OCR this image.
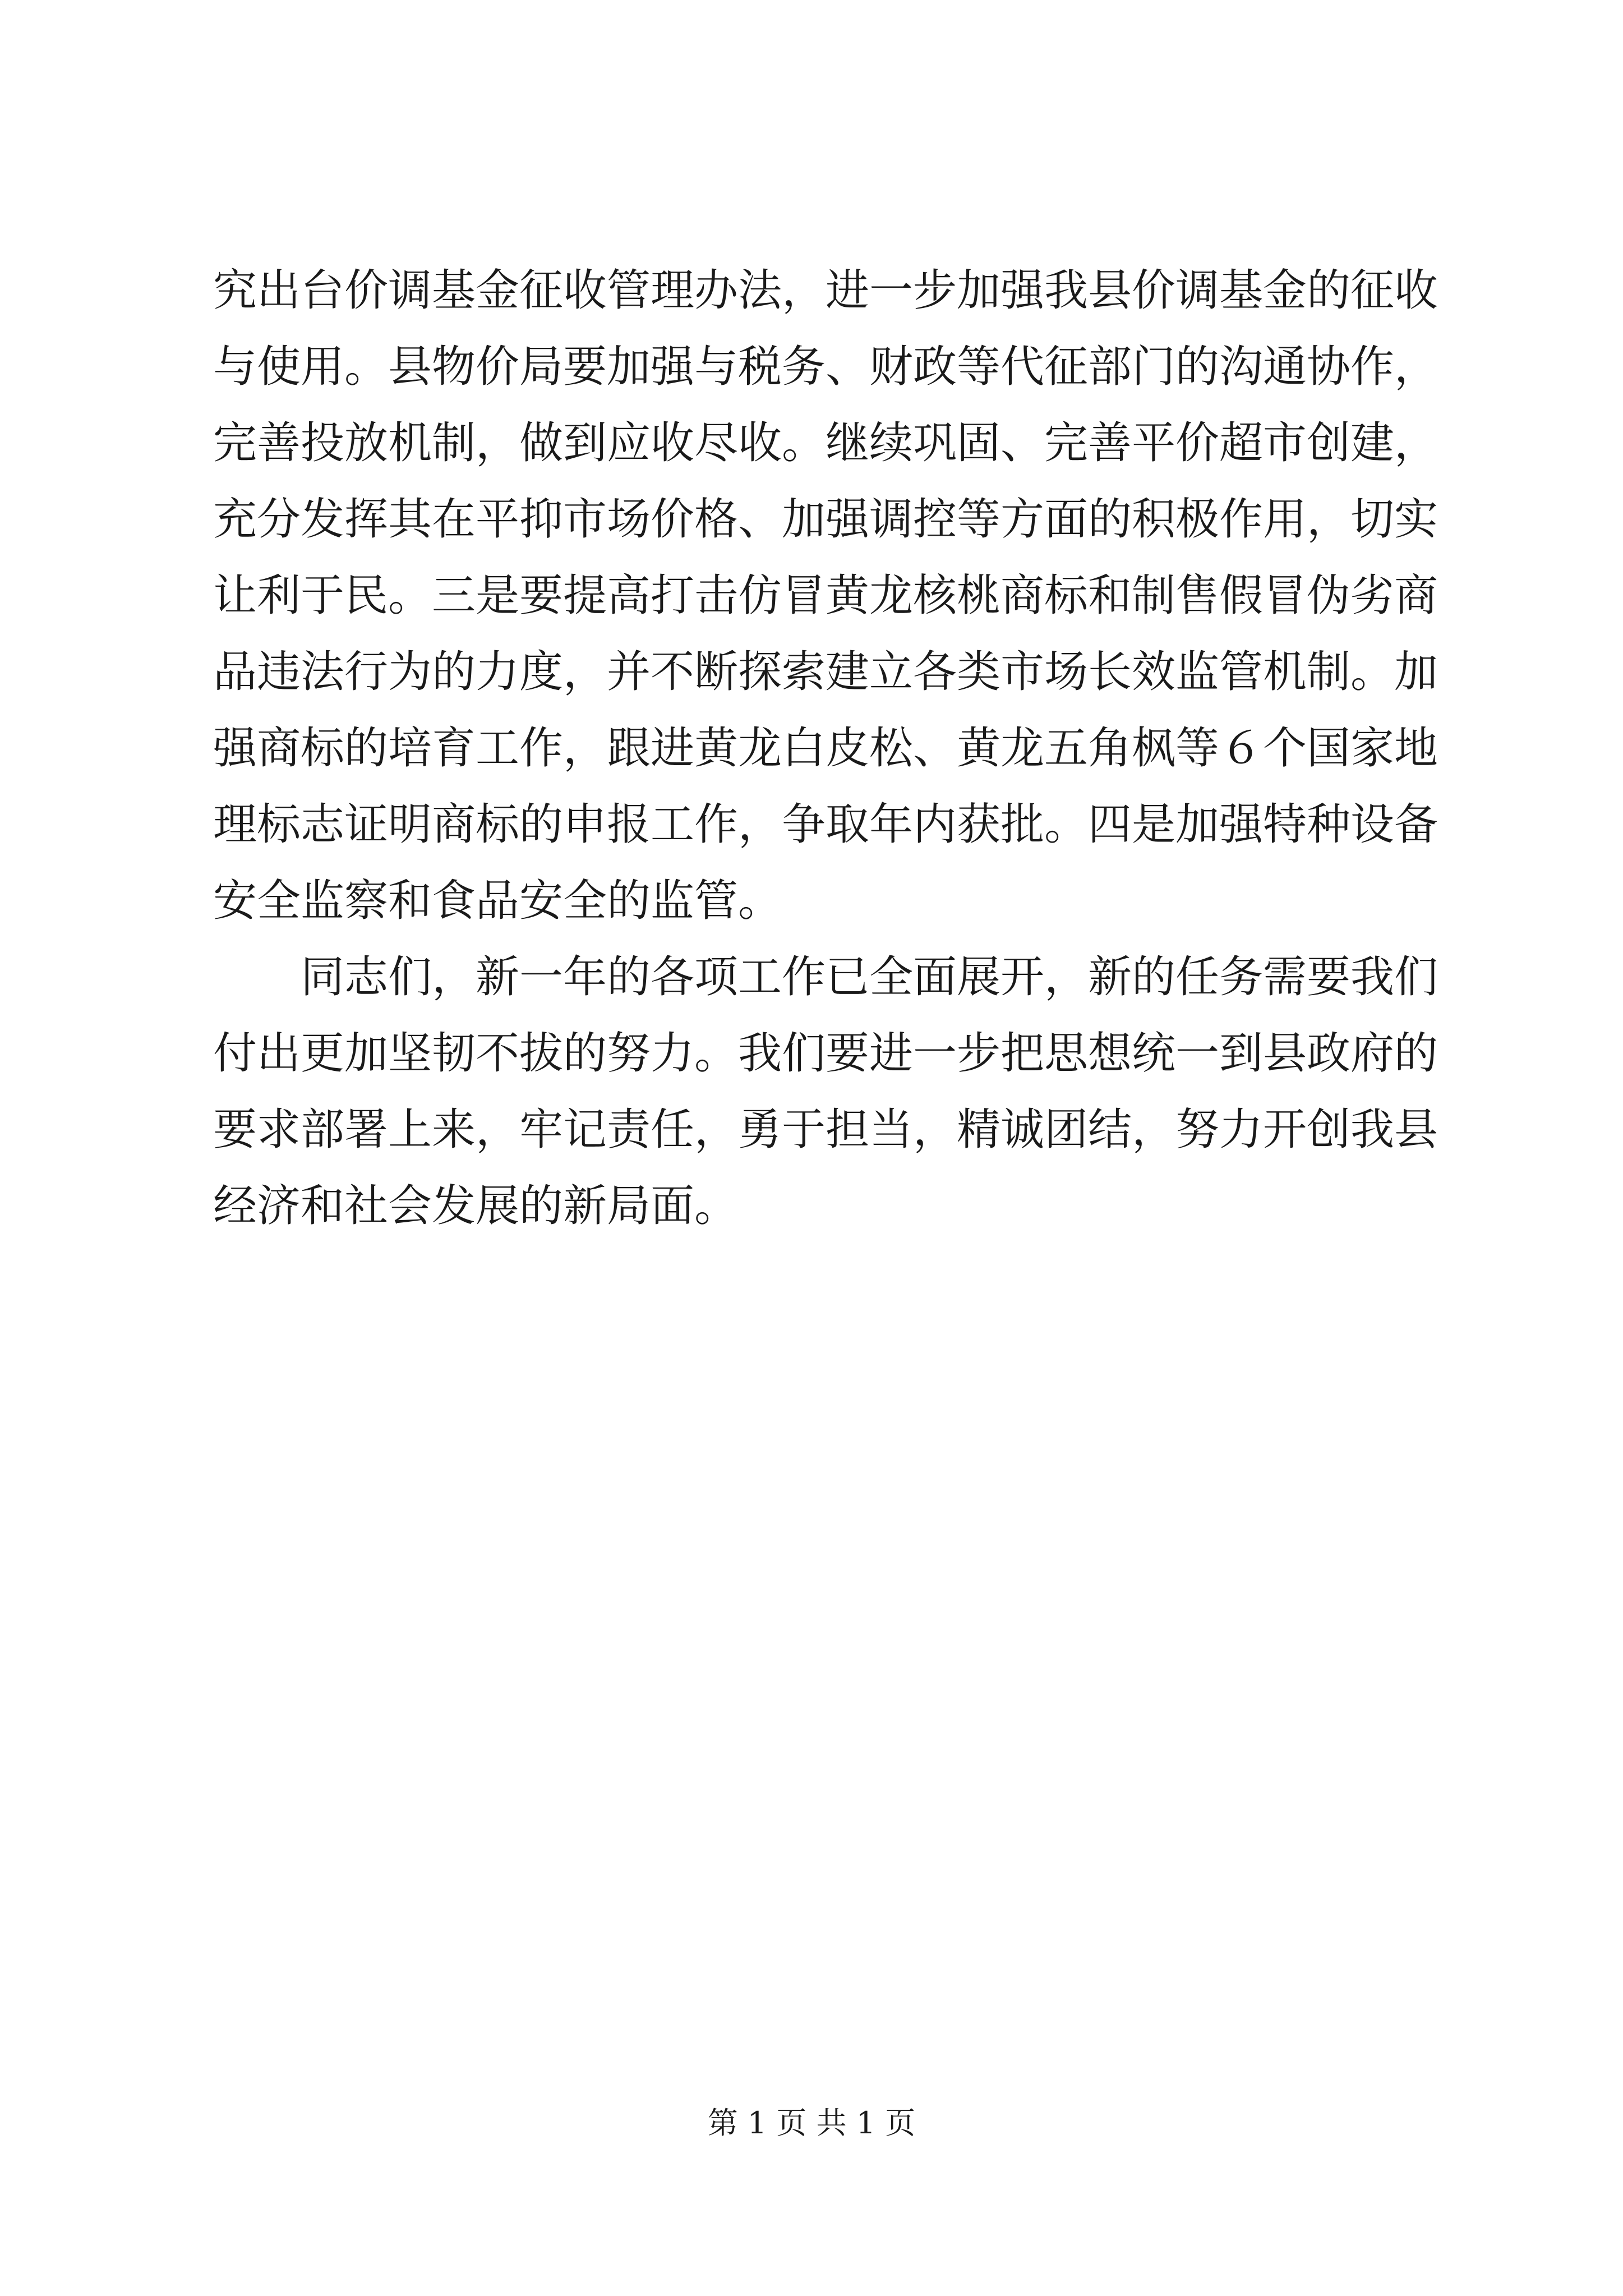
究出台价调基金征收管理办法，进一步加强我县价调基金的征收
与使用。县物价局要加强与税务、财政等代征部门的沟通协作，
完善投放机制，做到应收尽收。继续巩固、完善平价超市创建，
充分发挥其在平抑市场价格、加强调控等方面的积极作用，切实
让利于民。三是要提高打击仿冒黄龙核桃商标和制售假冒伪劣商
品违法行为的力度，并不断探索建立各类市场长效监管机制。加
强商标的培育工作，跟进黄龙白皮松、黄龙五角枫等６个国家地
理标志证明商标的申报工作，争取年内获批。四是加强特种设备
安全监察和食品安全的监管。
　　同志们，新一年的各项工作已全面展开，新的任务需要我们
付出更加坚韧不拔的努力。我们要进一步把思想统一到县政府的
要求部署上来，牢记责任，勇于担当，精诚团结，努力开创我县
经济和社会发展的新局面。
第 1 页 共 1 页
